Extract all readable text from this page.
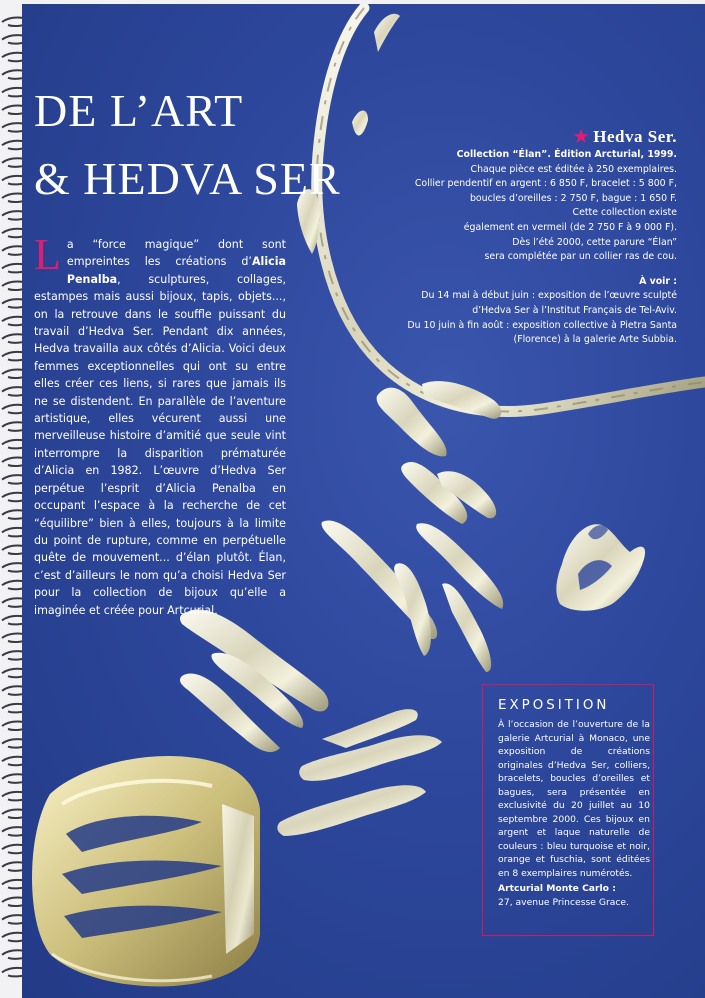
DE L’ART
& HEDVA SER
La “force magique” dont sont empreintes les créations d’Alicia Penalba, sculptures, collages, estampes mais aussi bijoux, tapis, objets..., on la retrouve dans le souffle puissant du travail d’Hedva Ser. Pendant dix années, Hedva travailla aux côtés d’Alicia. Voici deux femmes exceptionnelles qui ont su entre elles créer ces liens, si rares que jamais ils ne se distendent. En parallèle de l’aventure artistique, elles vécurent aussi une merveilleuse histoire d’amitié que seule vint interrompre la disparition prématurée d’Alicia en 1982. L’œuvre d’Hedva Ser perpétue l’esprit d’Alicia Penalba en occupant l’espace à la recherche de cet “équilibre” bien à elles, toujours à la limite du point de rupture, comme en perpétuelle quête de mouvement... d’élan plutôt. Élan, c’est d’ailleurs le nom qu’a choisi Hedva Ser pour la collection de bijoux qu’elle a imaginée et créée pour Artcurial.
★ Hedva Ser.
Collection “Élan”. Édition Arcturial, 1999.
Chaque pièce est éditée à 250 exemplaires.
Collier pendentif en argent : 6 850 F, bracelet : 5 800 F,
boucles d’oreilles : 2 750 F, bague : 1 650 F.
Cette collection existe
également en vermeil (de 2 750 F à 9 000 F).
Dès l’été 2000, cette parure “Élan”
sera complétée par un collier ras de cou.
À voir :
Du 14 mai à début juin : exposition de l’œuvre sculpté
d’Hedva Ser à l’Institut Français de Tel-Aviv.
Du 10 juin à fin août : exposition collective à Pietra Santa
(Florence) à la galerie Arte Subbia.
EXPOSITION
À l’occasion de l’ouverture de la galerie Artcurial à Monaco, une exposition de créations originales d’Hedva Ser, colliers, bracelets, boucles d’oreilles et bagues, sera présentée en exclusivité du 20 juillet au 10 septembre 2000. Ces bijoux en argent et laque naturelle de couleurs : bleu turquoise et noir, orange et fuschia, sont éditées en 8 exemplaires numérotés.
Artcurial Monte Carlo :
27, avenue Princesse Grace.
